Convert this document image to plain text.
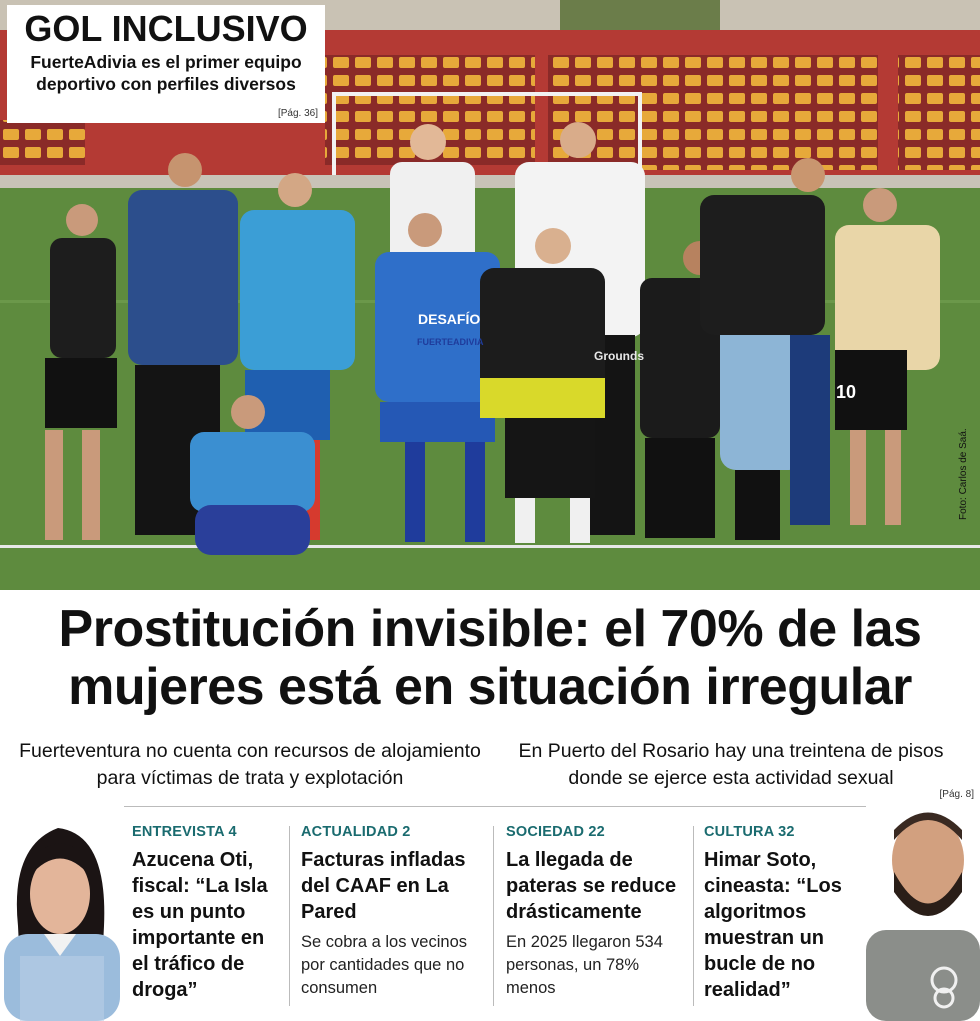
DESAFÍO
FUERTEADIVIA
Grounds
10
GOL INCLUSIVO
FuerteAdivia es el primer equipo deportivo con perfiles diversos
[Pág. 36]
Foto: Carlos de Saá.
Prostitución invisible: el 70% de las mujeres está en situación irregular
Fuerteventura no cuenta con recursos de alojamiento para víctimas de trata y explotación
En Puerto del Rosario hay una treintena de pisos donde se ejerce esta actividad sexual
[Pág. 8]
ENTREVISTA 4
Azucena Oti, fiscal: “La Isla es un punto importante en el tráfico de droga”
ACTUALIDAD 2
Facturas infladas del CAAF en La Pared
Se cobra a los vecinos por cantidades que no consumen
SOCIEDAD 22
La llegada de pateras se reduce drásticamente
En 2025 llegaron 534 personas, un 78% menos
CULTURA 32
Himar Soto, cineasta: “Los algoritmos muestran un bucle de no realidad”
